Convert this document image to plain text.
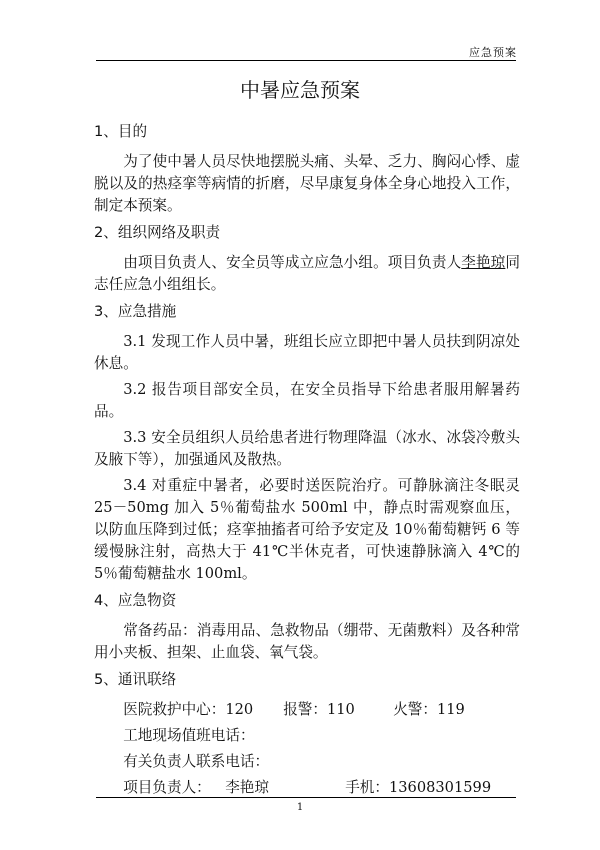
应急预案
中暑应急预案
1、目的

为了使中暑人员尽快地摆脱头痛、头晕、乏力、胸闷心悸、虚脱以及的热痉挛等病情的折磨，尽早康复身体全身心地投入工作，制定本预案。

2、组织网络及职责

由项目负责人、安全员等成立应急小组。项目负责人李艳琼同志任应急小组组长。

3、应急措施

3.1 发现工作人员中暑，班组长应立即把中暑人员扶到阴凉处休息。

3.2 报告项目部安全员，在安全员指导下给患者服用解暑药品。

3.3 安全员组织人员给患者进行物理降温（冰水、冰袋冷敷头及腋下等），加强通风及散热。

3.4 对重症中暑者，必要时送医院治疗。可静脉滴注冬眠灵 25－50mg 加入 5％葡萄盐水 500ml 中，静点时需观察血压，以防血压降到过低；痉挛抽搐者可给予安定及 10％葡萄糖钙 6 等缓慢脉注射，高热大于 41℃半休克者，可快速静脉滴入 4℃的 5％葡萄糖盐水 100ml。

4、应急物资

常备药品：消毒用品、急救物品（绷带、无菌敷料）及各种常用小夹板、担架、止血袋、氧气袋。

5、通讯联络
医院救护中心：120	报警：110	火警：119
工地现场值班电话：
有关负责人联系电话：
项目负责人： 李艳琼	手机：13608301599
1
